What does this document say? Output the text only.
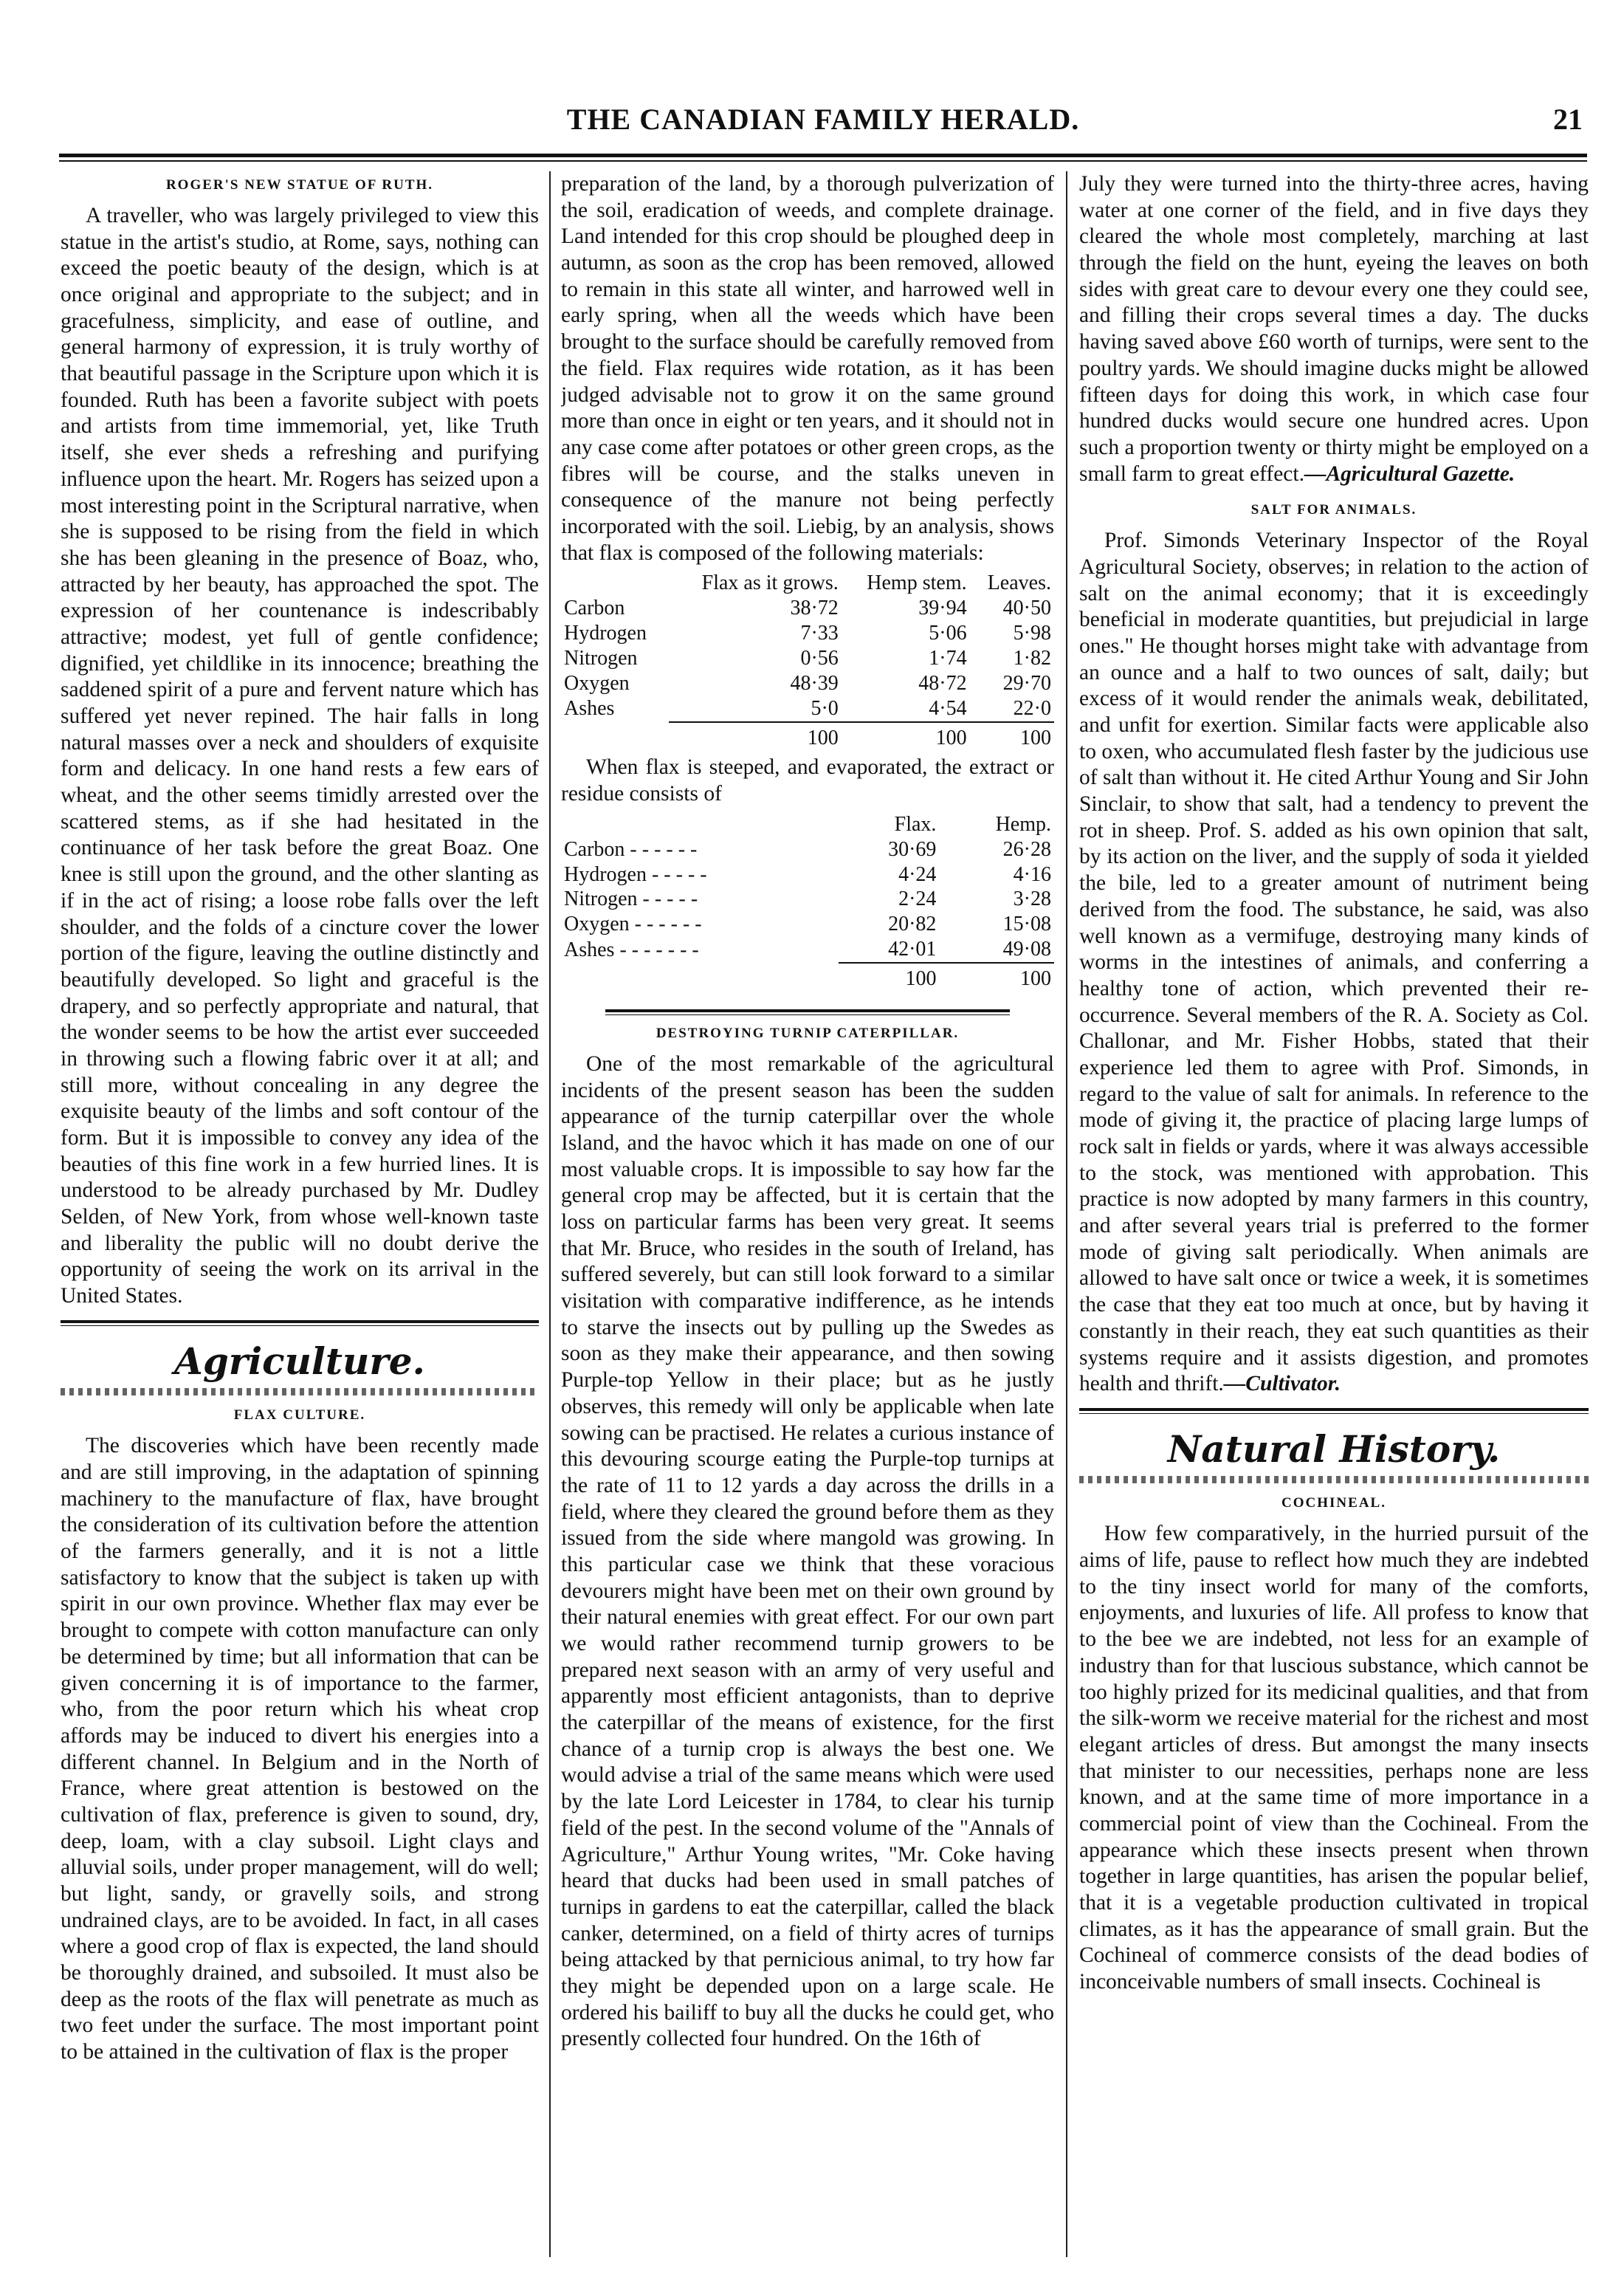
THE CANADIAN FAMILY HERALD.	21
ROGER'S NEW STATUE OF RUTH.

A traveller, who was largely privileged to view this statue in the artist's studio, at Rome, says, nothing can exceed the poetic beauty of the design, which is at once original and appropriate to the subject; and in gracefulness, simplicity, and ease of outline, and general harmony of expression, it is truly worthy of that beautiful passage in the Scripture upon which it is founded. Ruth has been a favorite subject with poets and artists from time immemorial, yet, like Truth itself, she ever sheds a refreshing and purifying influence upon the heart. Mr. Rogers has seized upon a most interesting point in the Scriptural narrative, when she is supposed to be rising from the field in which she has been gleaning in the presence of Boaz, who, attracted by her beauty, has approached the spot. The expression of her countenance is indescribably attractive; modest, yet full of gentle confidence; dignified, yet childlike in its innocence; breathing the saddened spirit of a pure and fervent nature which has suffered yet never repined. The hair falls in long natural masses over a neck and shoulders of exquisite form and delicacy. In one hand rests a few ears of wheat, and the other seems timidly arrested over the scattered stems, as if she had hesitated in the continuance of her task before the great Boaz. One knee is still upon the ground, and the other slanting as if in the act of rising; a loose robe falls over the left shoulder, and the folds of a cincture cover the lower portion of the figure, leaving the outline distinctly and beautifully developed. So light and graceful is the drapery, and so perfectly appropriate and natural, that the wonder seems to be how the artist ever succeeded in throwing such a flowing fabric over it at all; and still more, without concealing in any degree the exquisite beauty of the limbs and soft contour of the form. But it is impossible to convey any idea of the beauties of this fine work in a few hurried lines. It is understood to be already purchased by Mr. Dudley Selden, of New York, from whose well-known taste and liberality the public will no doubt derive the opportunity of seeing the work on its arrival in the United States.

Agriculture.
FLAX CULTURE.

The discoveries which have been recently made and are still improving, in the adaptation of spinning machinery to the manufacture of flax, have brought the consideration of its cultivation before the attention of the farmers generally, and it is not a little satisfactory to know that the subject is taken up with spirit in our own province. Whether flax may ever be brought to compete with cotton manufacture can only be determined by time; but all information that can be given concerning it is of importance to the farmer, who, from the poor return which his wheat crop affords may be induced to divert his energies into a different channel. In Belgium and in the North of France, where great attention is bestowed on the cultivation of flax, preference is given to sound, dry, deep, loam, with a clay subsoil. Light clays and alluvial soils, under proper management, will do well; but light, sandy, or gravelly soils, and strong undrained clays, are to be avoided. In fact, in all cases where a good crop of flax is expected, the land should be thoroughly drained, and subsoiled. It must also be deep as the roots of the flax will penetrate as much as two feet under the surface. The most important point to be attained in the cultivation of flax is the proper

preparation of the land, by a thorough pulverization of the soil, eradication of weeds, and complete drainage. Land intended for this crop should be ploughed deep in autumn, as soon as the crop has been removed, allowed to remain in this state all winter, and harrowed well in early spring, when all the weeds which have been brought to the surface should be carefully removed from the field. Flax requires wide rotation, as it has been judged advisable not to grow it on the same ground more than once in eight or ten years, and it should not in any case come after potatoes or other green crops, as the fibres will be course, and the stalks uneven in consequence of the manure not being perfectly incorporated with the soil. Liebig, by an analysis, shows that flax is composed of the following materials:

	Flax as it grows.	Hemp stem.	Leaves.
Carbon	38·72	39·94	40·50
Hydrogen	7·33	5·06	5·98
Nitrogen	0·56	1·74	1·82
Oxygen	48·39	48·72	29·70
Ashes	5·0	4·54	22·0
	100	100	100

When flax is steeped, and evaporated, the extract or residue consists of

	Flax.	Hemp.
Carbon - - - - - -	30·69	26·28
Hydrogen - - - - -	4·24	4·16
Nitrogen - - - - -	2·24	3·28
Oxygen - - - - - -	20·82	15·08
Ashes - - - - - - -	42·01	49·08
	100	100
DESTROYING TURNIP CATERPILLAR.

One of the most remarkable of the agricultural incidents of the present season has been the sudden appearance of the turnip caterpillar over the whole Island, and the havoc which it has made on one of our most valuable crops. It is impossible to say how far the general crop may be affected, but it is certain that the loss on particular farms has been very great. It seems that Mr. Bruce, who resides in the south of Ireland, has suffered severely, but can still look forward to a similar visitation with comparative indifference, as he intends to starve the insects out by pulling up the Swedes as soon as they make their appearance, and then sowing Purple-top Yellow in their place; but as he justly observes, this remedy will only be applicable when late sowing can be practised. He relates a curious instance of this devouring scourge eating the Purple-top turnips at the rate of 11 to 12 yards a day across the drills in a field, where they cleared the ground before them as they issued from the side where mangold was growing. In this particular case we think that these voracious devourers might have been met on their own ground by their natural enemies with great effect. For our own part we would rather recommend turnip growers to be prepared next season with an army of very useful and apparently most efficient antagonists, than to deprive the caterpillar of the means of existence, for the first chance of a turnip crop is always the best one. We would advise a trial of the same means which were used by the late Lord Leicester in 1784, to clear his turnip field of the pest. In the second volume of the "Annals of Agriculture," Arthur Young writes, "Mr. Coke having heard that ducks had been used in small patches of turnips in gardens to eat the caterpillar, called the black canker, determined, on a field of thirty acres of turnips being attacked by that pernicious animal, to try how far they might be depended upon on a large scale. He ordered his bailiff to buy all the ducks he could get, who presently collected four hundred. On the 16th of

July they were turned into the thirty-three acres, having water at one corner of the field, and in five days they cleared the whole most completely, marching at last through the field on the hunt, eyeing the leaves on both sides with great care to devour every one they could see, and filling their crops several times a day. The ducks having saved above £60 worth of turnips, were sent to the poultry yards. We should imagine ducks might be allowed fifteen days for doing this work, in which case four hundred ducks would secure one hundred acres. Upon such a proportion twenty or thirty might be employed on a small farm to great effect.—Agricultural Gazette.

SALT FOR ANIMALS.

Prof. Simonds Veterinary Inspector of the Royal Agricultural Society, observes; in relation to the action of salt on the animal economy; that it is exceedingly beneficial in moderate quantities, but prejudicial in large ones." He thought horses might take with advantage from an ounce and a half to two ounces of salt, daily; but excess of it would render the animals weak, debilitated, and unfit for exertion. Similar facts were applicable also to oxen, who accumulated flesh faster by the judicious use of salt than without it. He cited Arthur Young and Sir John Sinclair, to show that salt, had a tendency to prevent the rot in sheep. Prof. S. added as his own opinion that salt, by its action on the liver, and the supply of soda it yielded the bile, led to a greater amount of nutriment being derived from the food. The substance, he said, was also well known as a vermifuge, destroying many kinds of worms in the intestines of animals, and conferring a healthy tone of action, which prevented their re-occurrence. Several members of the R. A. Society as Col. Challonar, and Mr. Fisher Hobbs, stated that their experience led them to agree with Prof. Simonds, in regard to the value of salt for animals. In reference to the mode of giving it, the practice of placing large lumps of rock salt in fields or yards, where it was always accessible to the stock, was mentioned with approbation. This practice is now adopted by many farmers in this country, and after several years trial is preferred to the former mode of giving salt periodically. When animals are allowed to have salt once or twice a week, it is sometimes the case that they eat too much at once, but by having it constantly in their reach, they eat such quantities as their systems require and it assists digestion, and promotes health and thrift.—Cultivator.

Natural History.
COCHINEAL.

How few comparatively, in the hurried pursuit of the aims of life, pause to reflect how much they are indebted to the tiny insect world for many of the comforts, enjoyments, and luxuries of life. All profess to know that to the bee we are indebted, not less for an example of industry than for that luscious substance, which cannot be too highly prized for its medicinal qualities, and that from the silk-worm we receive material for the richest and most elegant articles of dress. But amongst the many insects that minister to our necessities, perhaps none are less known, and at the same time of more importance in a commercial point of view than the Cochineal. From the appearance which these insects present when thrown together in large quantities, has arisen the popular belief, that it is a vegetable production cultivated in tropical climates, as it has the appearance of small grain. But the Cochineal of commerce consists of the dead bodies of inconceivable numbers of small insects. Cochineal is
